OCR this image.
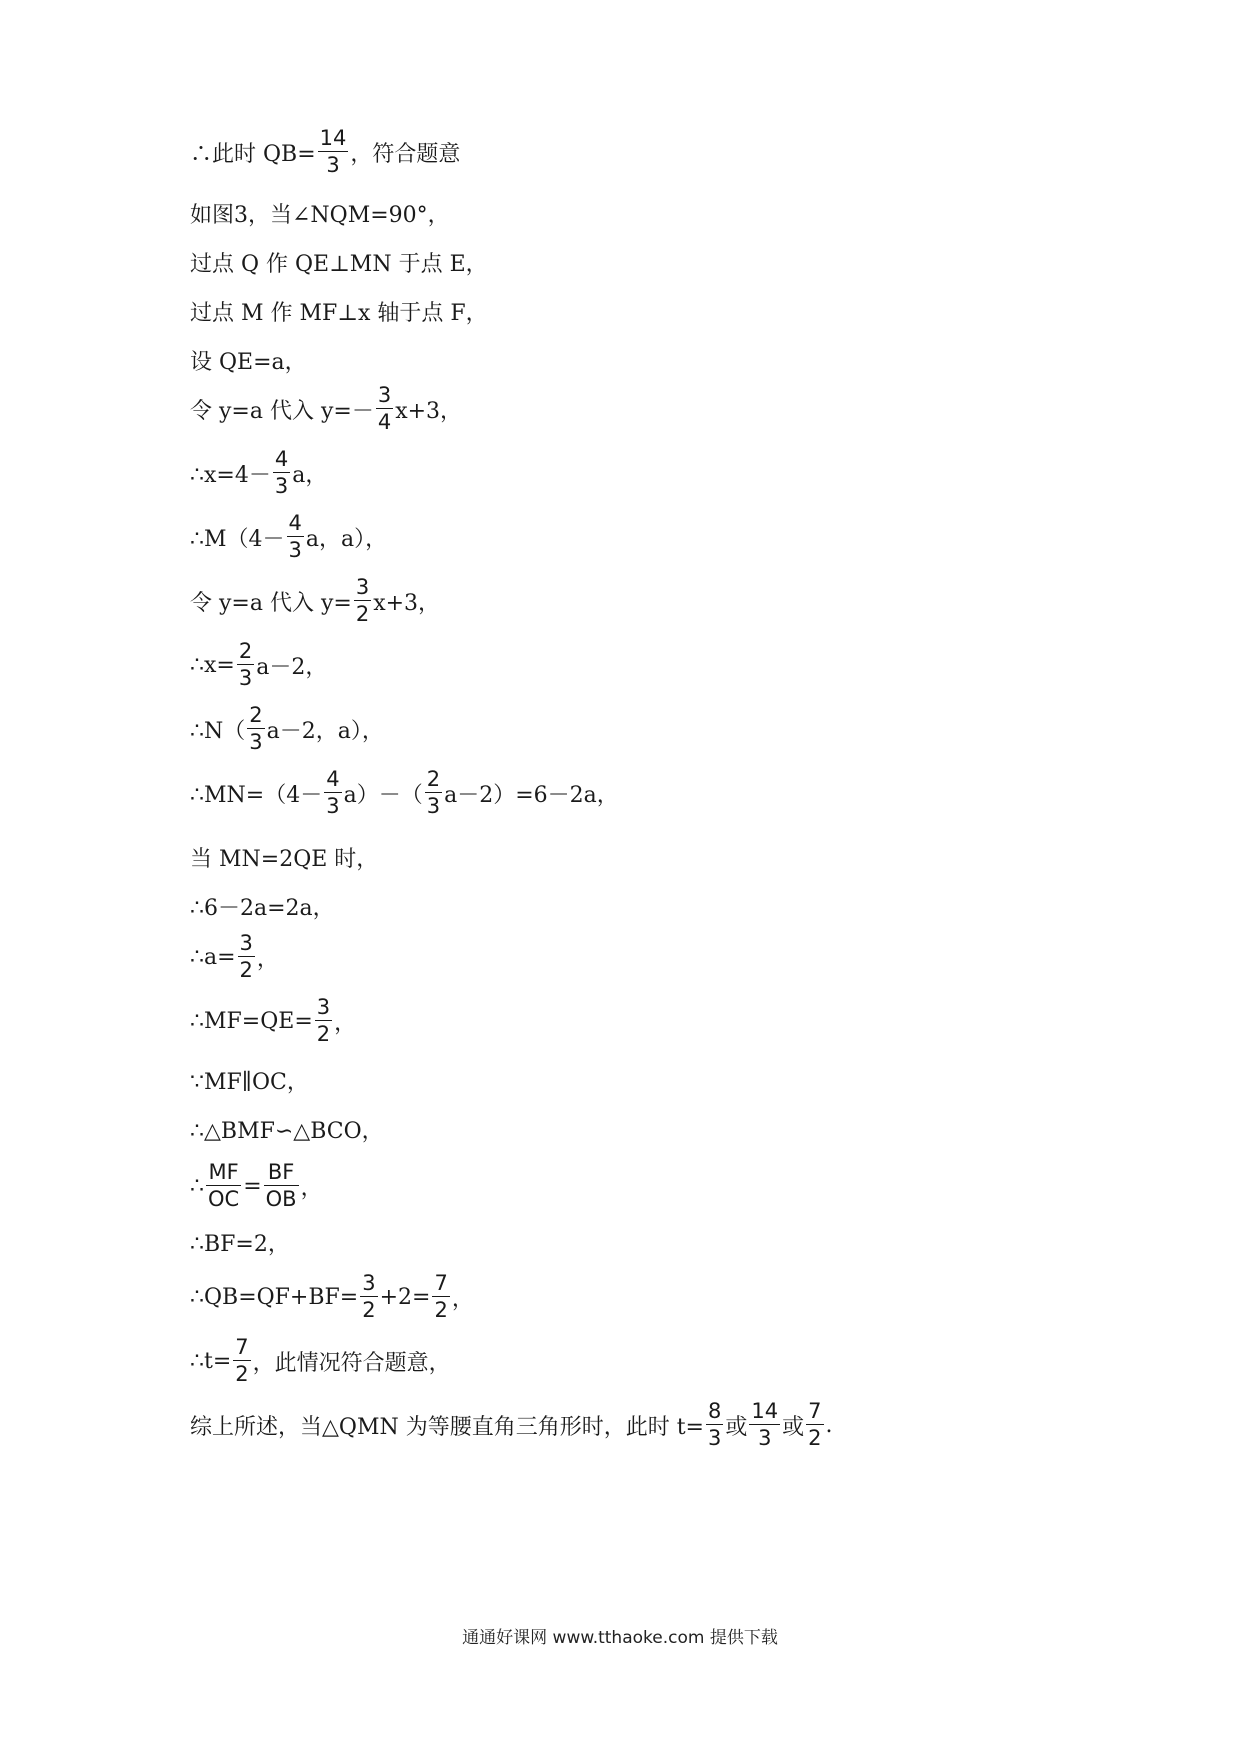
∴此时 $QB= \frac{14}{3}$ ，符合题意
如图3，当∠NQM=90°，
过点 Q 作 QE⊥MN 于点 E，
过点 M 作 MF⊥x 轴于点 F，
设 QE=a，
令 y=a 代入 $y=- \frac{3}{4} x+3$，
∴x=4－ $\frac{4}{3}$ a，
∴M（4－ $\frac{4}{3}$ a，a），
令 y=a 代入 $y= \frac{3}{2} x+3$，
∴x= $\frac{2}{3} a-2$，
∴N（ $\frac{2}{3} a-2$，a），
∴MN=（4－ $\frac{4}{3} a)-( \frac{2}{3} a-2)=6-2a$，
当 MN=2QE 时，
∴6－2a=2a，
∴a= $\frac{3}{2}$ ，
∴MF=QE= $\frac{3}{2}$ ，
∵MF∥OC，
∴△BMF∽△BCO，
∴ $\frac{MF}{OC} = \frac{BF}{OB}$ ，
∴BF=2，
∴QB=QF+BF= $\frac{3}{2} +2= \frac{7}{2}$ ，
∴t= $\frac{7}{2}$ ，此情况符合题意，
综上所述，当△QMN 为等腰直角三角形时，此时 $t= \frac{8}{3}$ 或 $\frac{14}{3}$ 或 $\frac{7}{2}$ .
通通好课网 www.tthaoke.com 提供下载
